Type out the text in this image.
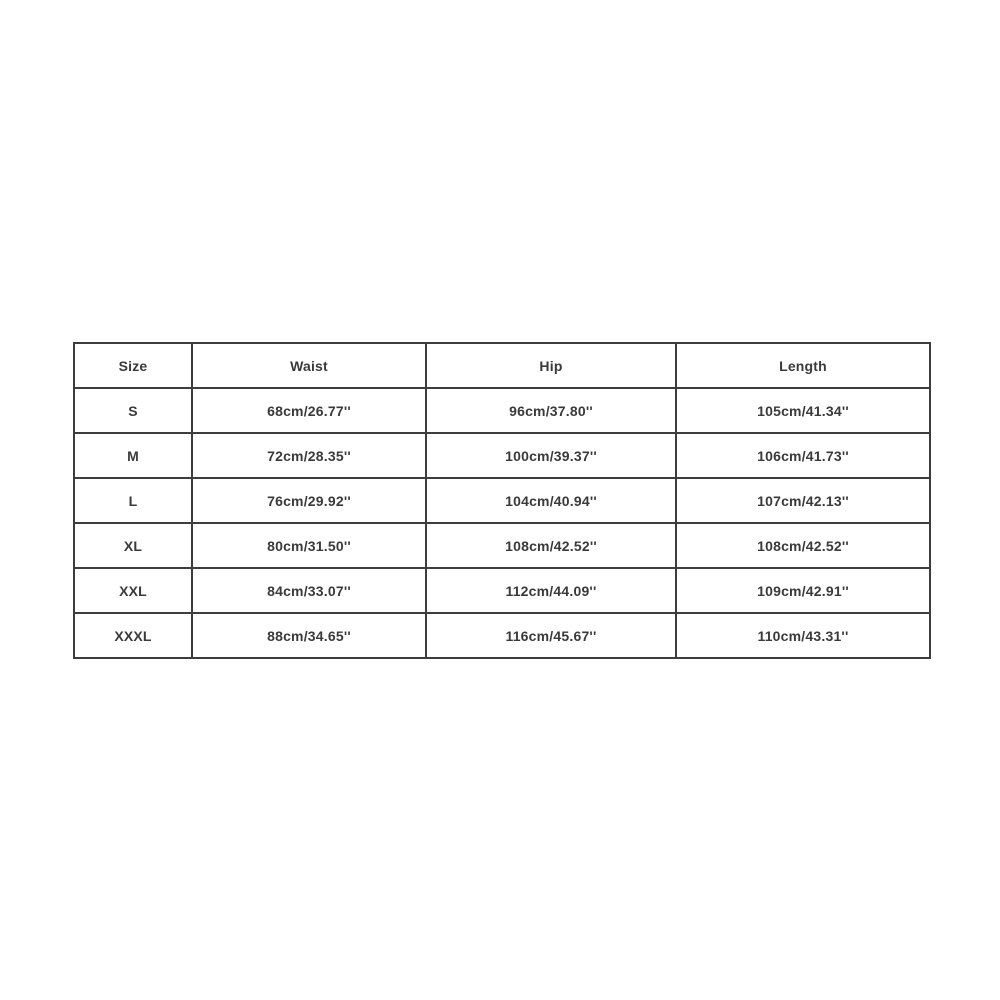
Size	Waist	Hip	Length
S	68cm/26.77''	96cm/37.80''	105cm/41.34''
M	72cm/28.35''	100cm/39.37''	106cm/41.73''
L	76cm/29.92''	104cm/40.94''	107cm/42.13''
XL	80cm/31.50''	108cm/42.52''	108cm/42.52''
XXL	84cm/33.07''	112cm/44.09''	109cm/42.91''
XXXL	88cm/34.65''	116cm/45.67''	110cm/43.31''
